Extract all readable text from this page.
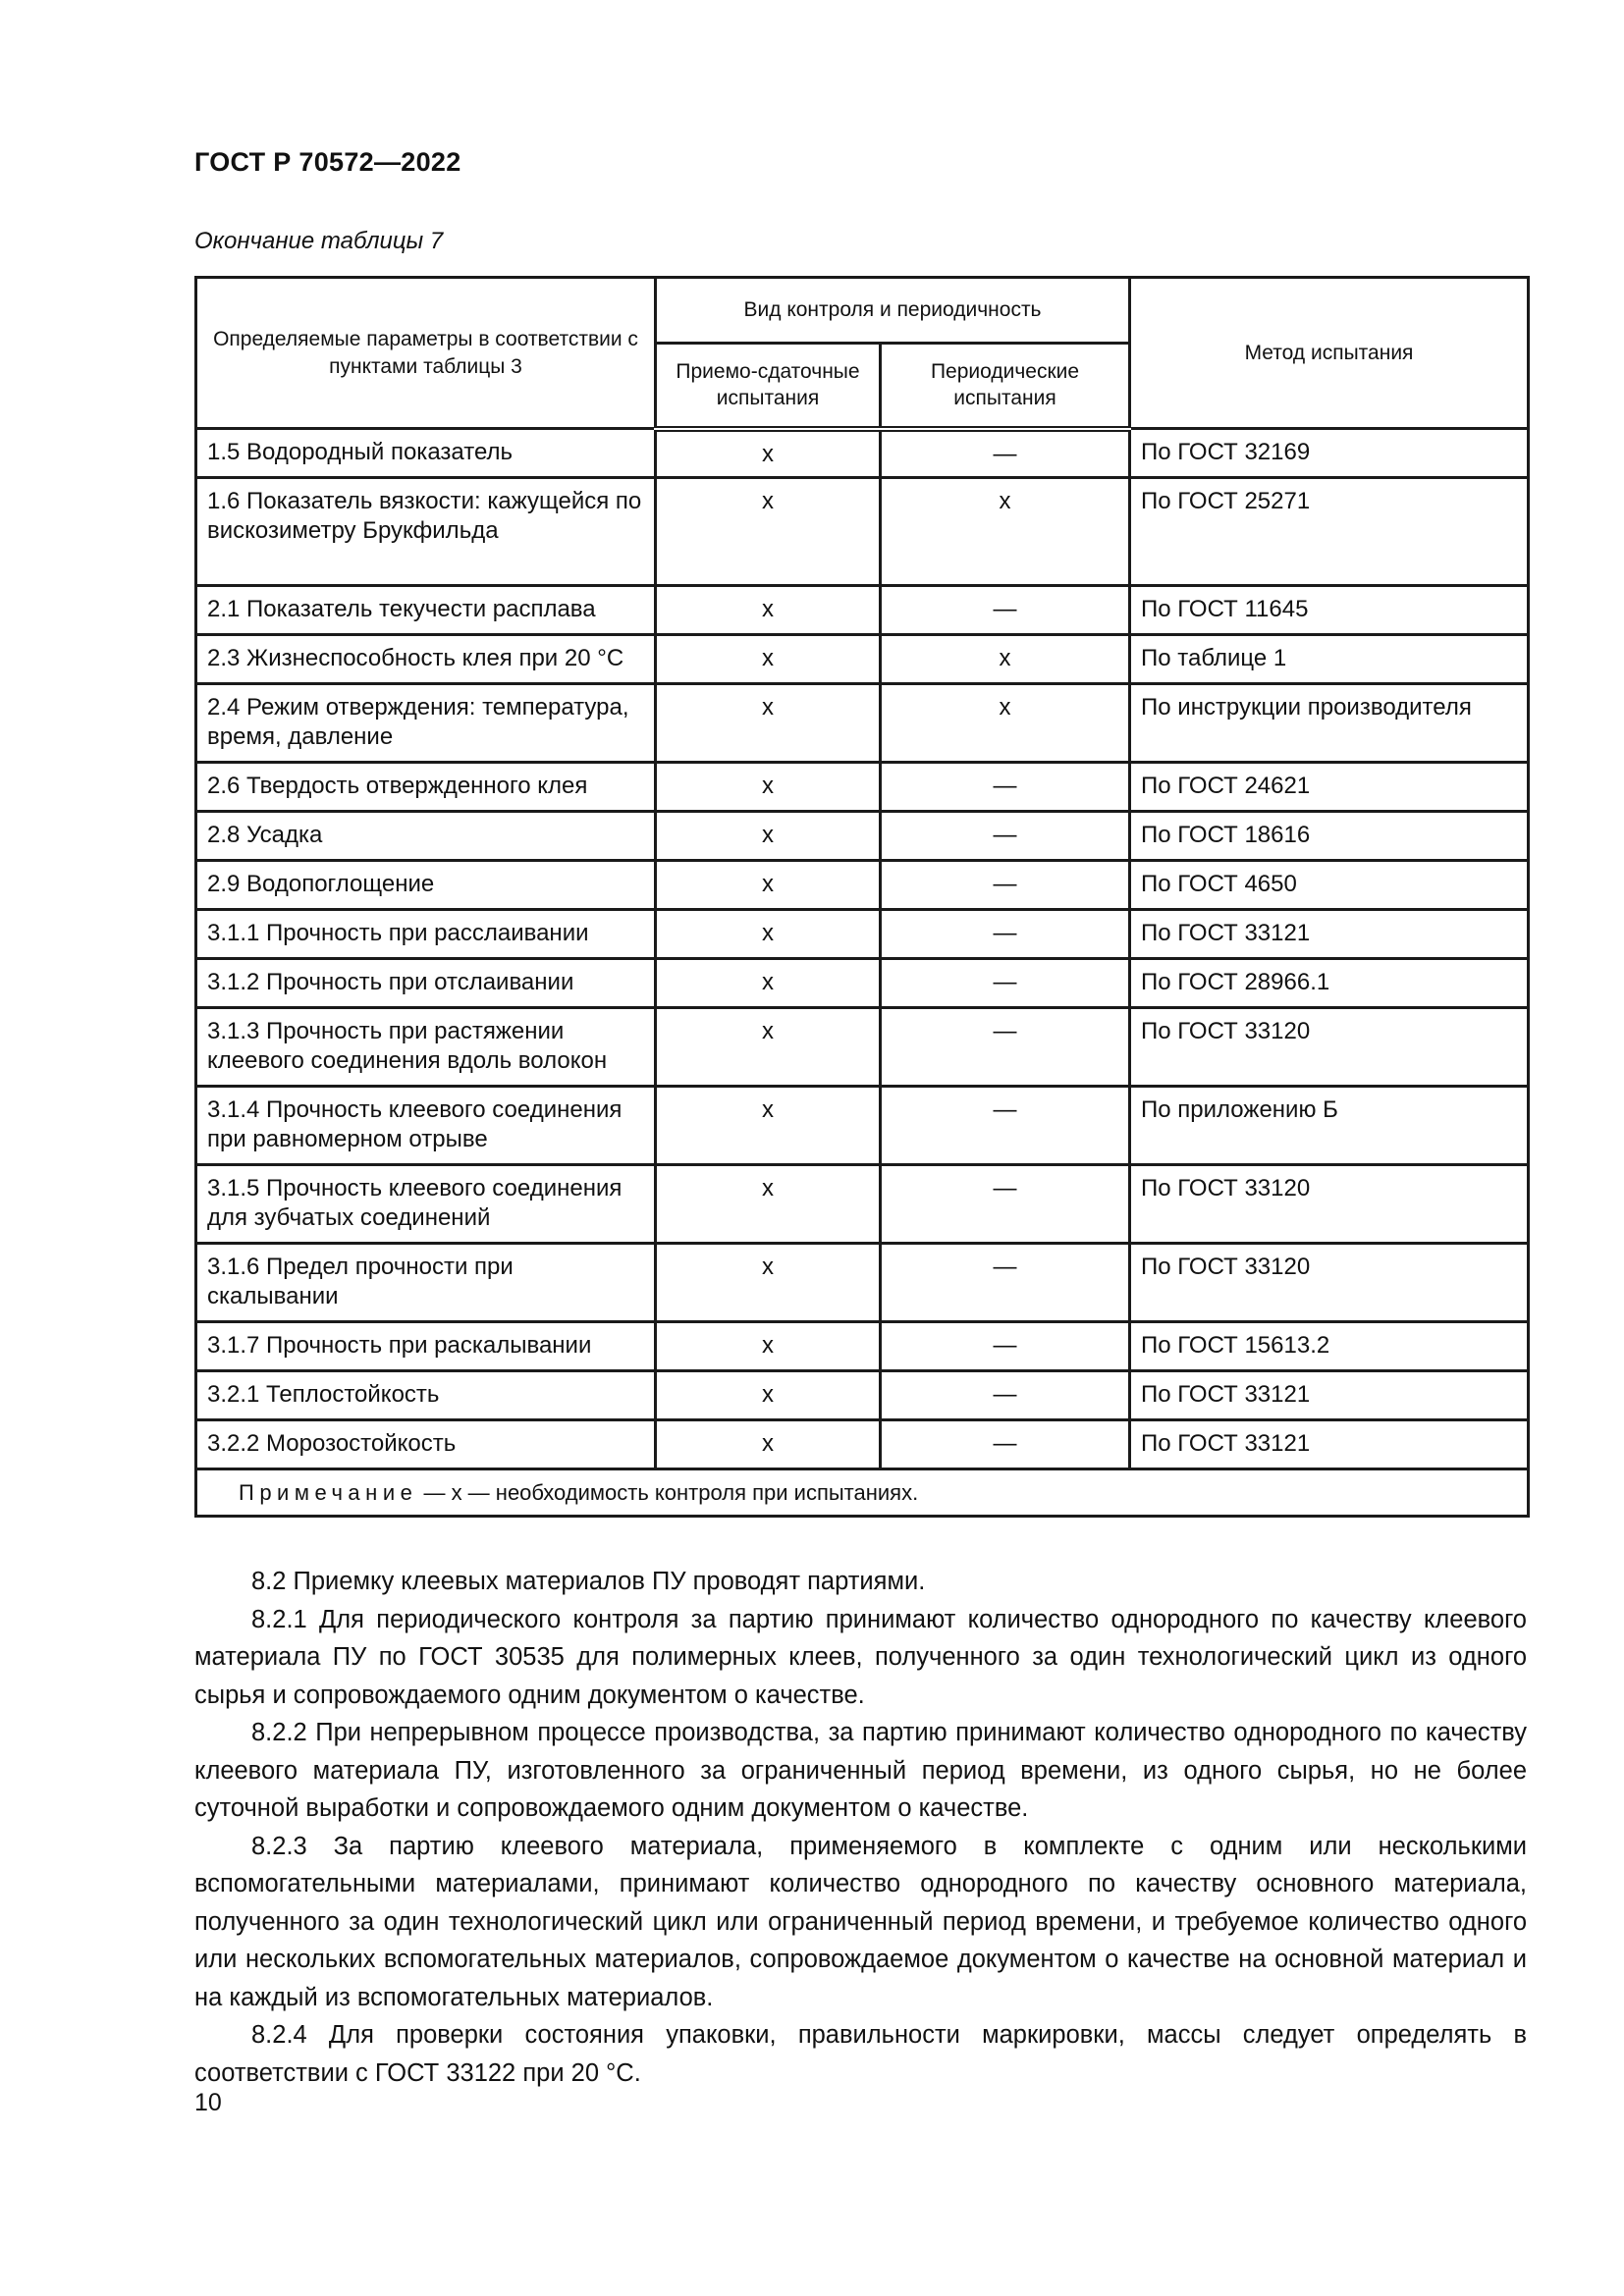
ГОСТ Р 70572—2022
Окончание таблицы 7
Определяемые параметры в соответствии с пунктами таблицы 3	Вид контроля и периодичность		Метод испытания
	Приемо-сдаточные испытания	Периодические испытания	
1.5 Водородный показатель	x	—	По ГОСТ 32169
1.6 Показатель вязкости: кажущейся по вискозиметру Брукфильда	x	x	По ГОСТ 25271
2.1 Показатель текучести расплава	x	—	По ГОСТ 11645
2.3 Жизнеспособность клея при 20 °С	x	x	По таблице 1
2.4 Режим отверждения: температура, время, давление	x	x	По инструкции производителя
2.6 Твердость отвержденного клея	x	—	По ГОСТ 24621
2.8 Усадка	x	—	По ГОСТ 18616
2.9 Водопоглощение	x	—	По ГОСТ 4650
3.1.1 Прочность при расслаивании	x	—	По ГОСТ 33121
3.1.2 Прочность при отслаивании	x	—	По ГОСТ 28966.1
3.1.3 Прочность при растяжении клеевого соединения вдоль волокон	x	—	По ГОСТ 33120
3.1.4 Прочность клеевого соединения при равномерном отрыве	x	—	По приложению Б
3.1.5 Прочность клеевого соединения для зубчатых соединений	x	—	По ГОСТ 33120
3.1.6 Предел прочности при скалывании	x	—	По ГОСТ 33120
3.1.7 Прочность при раскалывании	x	—	По ГОСТ 15613.2
3.2.1 Теплостойкость	x	—	По ГОСТ 33121
3.2.2 Морозостойкость	x	—	По ГОСТ 33121
Примечание — x — необходимость контроля при испытаниях.			

8.2 Приемку клеевых материалов ПУ проводят партиями.

8.2.1 Для периодического контроля за партию принимают количество однородного по качеству клеевого материала ПУ по ГОСТ 30535 для полимерных клеев, полученного за один технологический цикл из одного сырья и сопровождаемого одним документом о качестве.

8.2.2 При непрерывном процессе производства, за партию принимают количество однородного по качеству клеевого материала ПУ, изготовленного за ограниченный период времени, из одного сырья, но не более суточной выработки и сопровождаемого одним документом о качестве.

8.2.3 За партию клеевого материала, применяемого в комплекте с одним или несколькими вспомогательными материалами, принимают количество однородного по качеству основного материала, полученного за один технологический цикл или ограниченный период времени, и требуемое количество одного или нескольких вспомогательных материалов, сопровождаемое документом о качестве на основной материал и на каждый из вспомогательных материалов.

8.2.4 Для проверки состояния упаковки, правильности маркировки, массы следует определять в соответствии с ГОСТ 33122 при 20 °С.

10
